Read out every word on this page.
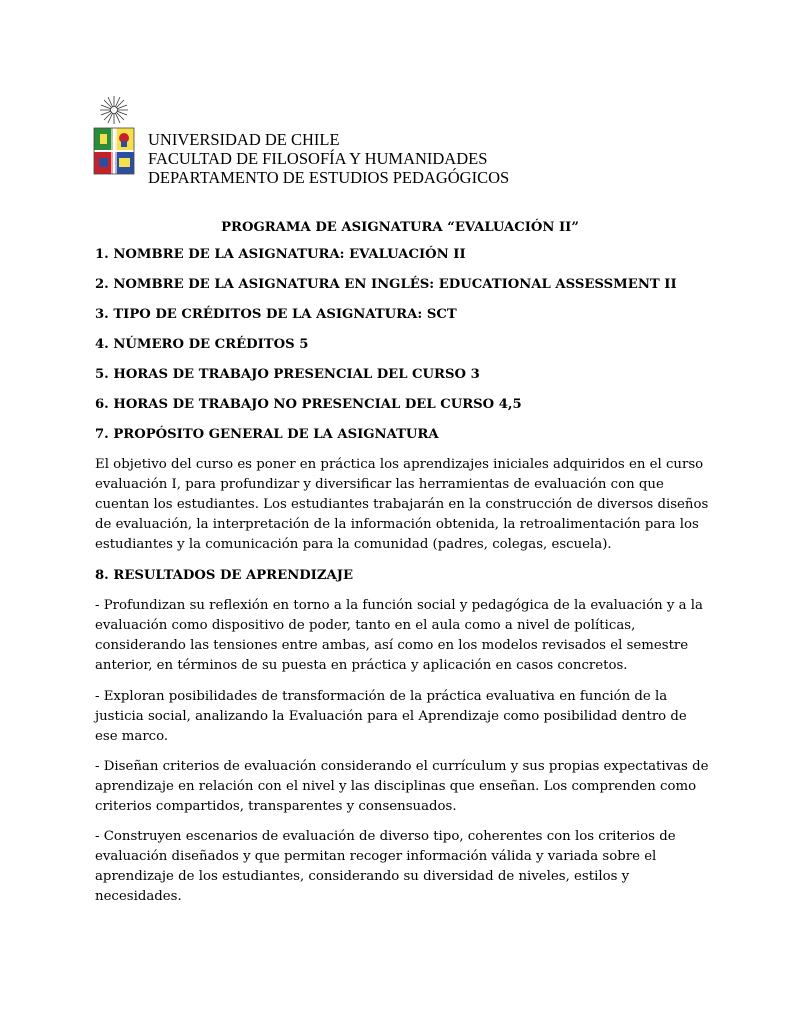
UNIVERSIDAD DE CHILE
FACULTAD DE FILOSOFÍA Y HUMANIDADES
DEPARTAMENTO DE ESTUDIOS PEDAGÓGICOS
PROGRAMA DE ASIGNATURA “EVALUACIÓN II”
1. NOMBRE DE LA ASIGNATURA: EVALUACIÓN II
2. NOMBRE DE LA ASIGNATURA EN INGLÉS: EDUCATIONAL ASSESSMENT II
3. TIPO DE CRÉDITOS DE LA ASIGNATURA: SCT
4. NÚMERO DE CRÉDITOS 5
5. HORAS DE TRABAJO PRESENCIAL DEL CURSO 3
6. HORAS DE TRABAJO NO PRESENCIAL DEL CURSO 4,5
7. PROPÓSITO GENERAL DE LA ASIGNATURA
El objetivo del curso es poner en práctica los aprendizajes iniciales adquiridos en el curso evaluación I, para profundizar y diversificar las herramientas de evaluación con que cuentan los estudiantes. Los estudiantes trabajarán en la construcción de diversos diseños de evaluación, la interpretación de la información obtenida, la retroalimentación para los estudiantes y la comunicación para la comunidad (padres, colegas, escuela).
8. RESULTADOS DE APRENDIZAJE
- Profundizan su reflexión en torno a la función social y pedagógica de la evaluación y a la evaluación como dispositivo de poder, tanto en el aula como a nivel de políticas, considerando las tensiones entre ambas, así como en los modelos revisados el semestre anterior, en términos de su puesta en práctica y aplicación en casos concretos.
- Exploran posibilidades de transformación de la práctica evaluativa en función de la justicia social, analizando la Evaluación para el Aprendizaje como posibilidad dentro de ese marco.
- Diseñan criterios de evaluación considerando el currículum y sus propias expectativas de aprendizaje en relación con el nivel y las disciplinas que enseñan. Los comprenden como criterios compartidos, transparentes y consensuados.
- Construyen escenarios de evaluación de diverso tipo, coherentes con los criterios de evaluación diseñados y que permitan recoger información válida y variada sobre el aprendizaje de los estudiantes, considerando su diversidad de niveles, estilos y necesidades.
